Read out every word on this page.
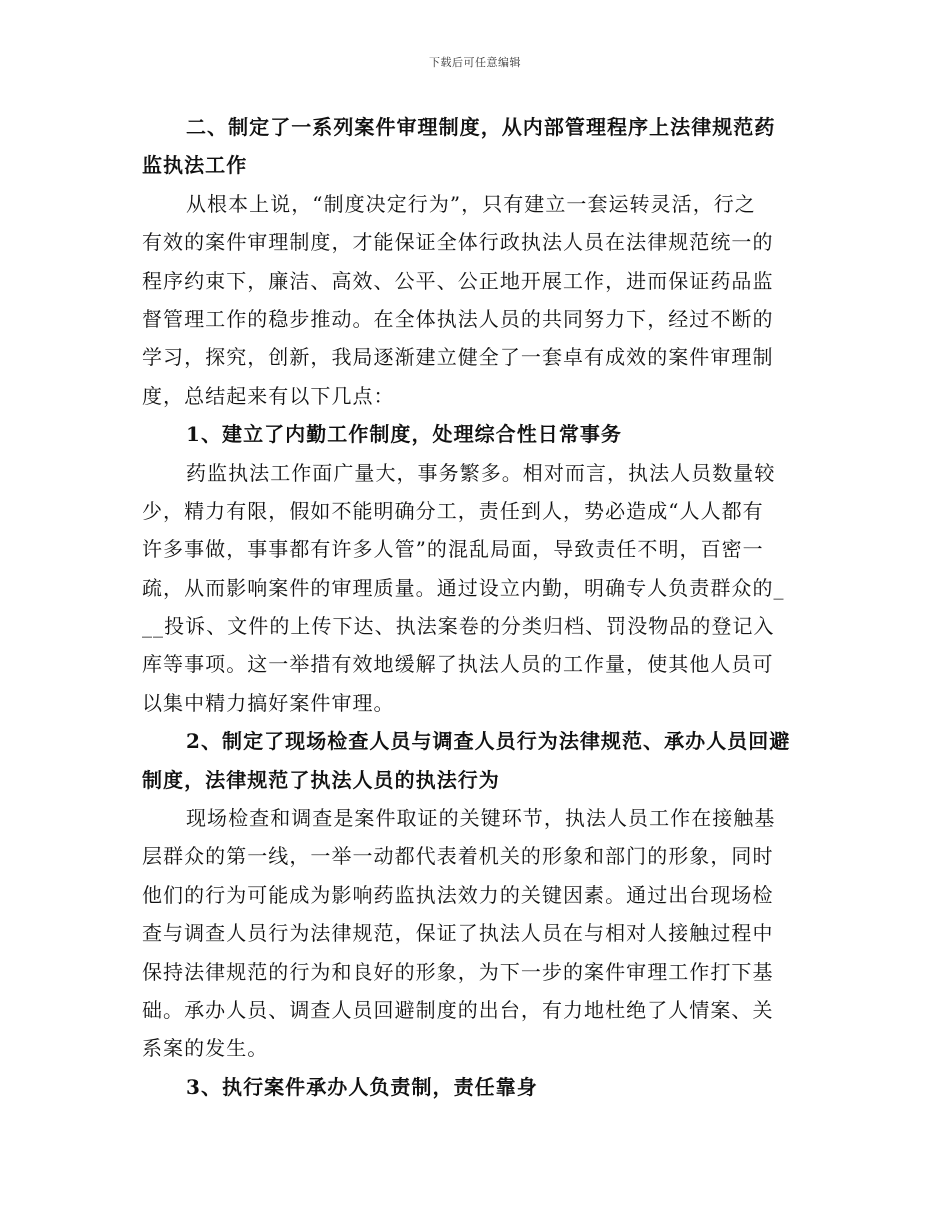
下载后可任意编辑
二、制定了一系列案件审理制度，从内部管理程序上法律规范药
监执法工作
从根本上说，“制度决定行为”，只有建立一套运转灵活，行之
有效的案件审理制度，才能保证全体行政执法人员在法律规范统一的
程序约束下，廉洁、高效、公平、公正地开展工作，进而保证药品监
督管理工作的稳步推动。在全体执法人员的共同努力下，经过不断的
学习，探究，创新，我局逐渐建立健全了一套卓有成效的案件审理制
度，总结起来有以下几点：
1、建立了内勤工作制度，处理综合性日常事务
药监执法工作面广量大，事务繁多。相对而言，执法人员数量较
少，精力有限，假如不能明确分工，责任到人，势必造成“人人都有
许多事做，事事都有许多人管”的混乱局面，导致责任不明，百密一
疏，从而影响案件的审理质量。通过设立内勤，明确专人负责群众的_
__投诉、文件的上传下达、执法案卷的分类归档、罚没物品的登记入
库等事项。这一举措有效地缓解了执法人员的工作量，使其他人员可
以集中精力搞好案件审理。
2、制定了现场检查人员与调查人员行为法律规范、承办人员回避
制度，法律规范了执法人员的执法行为
现场检查和调查是案件取证的关键环节，执法人员工作在接触基
层群众的第一线，一举一动都代表着机关的形象和部门的形象，同时
他们的行为可能成为影响药监执法效力的关键因素。通过出台现场检
查与调查人员行为法律规范，保证了执法人员在与相对人接触过程中
保持法律规范的行为和良好的形象，为下一步的案件审理工作打下基
础。承办人员、调查人员回避制度的出台，有力地杜绝了人情案、关
系案的发生。
3、执行案件承办人负责制，责任靠身
